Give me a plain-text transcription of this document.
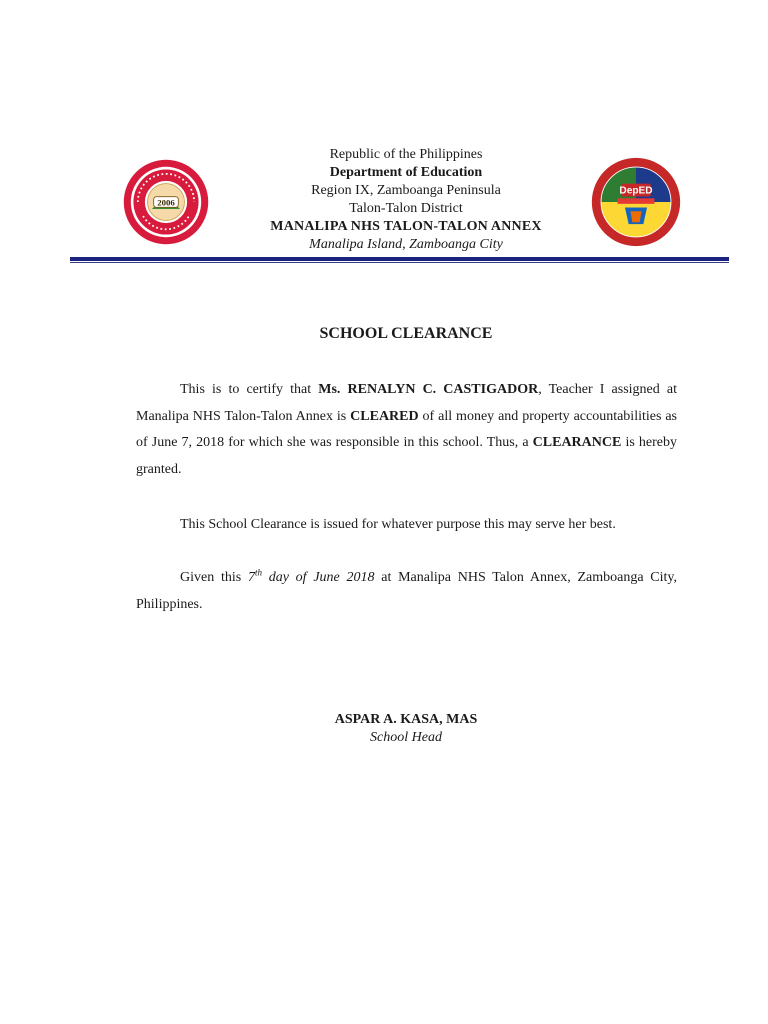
2006
Republic of the Philippines
Department of Education
Region IX, Zamboanga Peninsula
Talon-Talon District
MANALIPA NHS TALON-TALON ANNEX
Manalipa Island, Zamboanga City
DepED
SCHOOL CLEARANCE
This is to certify that Ms. RENALYN C. CASTIGADOR, Teacher I assigned at Manalipa NHS Talon-Talon Annex is CLEARED of all money and property accountabilities as of June 7, 2018 for which she was responsible in this school. Thus, a CLEARANCE is hereby granted.
This School Clearance is issued for whatever purpose this may serve her best.
Given this 7th day of June 2018 at Manalipa NHS Talon Annex, Zamboanga City, Philippines.
ASPAR A. KASA, MAS
School Head
